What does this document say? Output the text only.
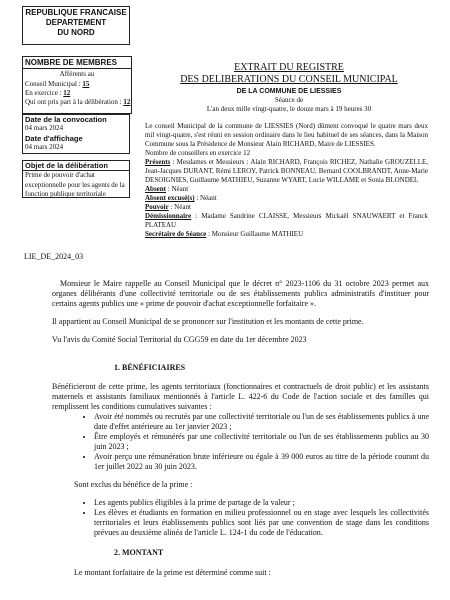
REPUBLIQUE FRANCAISE
DEPARTEMENT
DU NORD
NOMBRE DE MEMBRES
Afférents au
Conseil Municipal : 15
En exercice : 12
Qui ont pris part à la délibération : 12
Date de la convocation
04 mars 2024
Date d'affichage
04 mars 2024
Objet de la délibération
Prime de pouvoir d'achat exceptionnelle pour les agents de la fonction publique territoriale
LIE_DE_2024_03
EXTRAIT DU REGISTRE
DES DELIBERATIONS DU CONSEIL MUNICIPAL
DE LA COMMUNE DE LIESSIES
Séance de
L'an deux mille vingt-quatre, le douze mars à 19 heures 30
Le conseil Municipal de la commune de LIESSIES (Nord) dûment convoqué le quatre mars deux mil vingt-quatre, s'est réuni en session ordinaire dans le lieu habituel de ses séances, dans la Maison Commune sous la Présidence de Monsieur Alain RICHARD, Maire de LIESSIES.
Nombre de conseillers en exercice 12
Présents : Mesdames et Messieurs : Alain RICHARD, François RICHEZ, Nathalie GROUZELLE, Jean-Jacques DURANT, Rémi LEROY, Patrick BONNEAU, Bernard COOLBRANDT, Anne-Marie DESOIGNIES, Guillaume MATHIEU, Suzanne WYART, Lucie WILLAME et Sonia BLONDEL
Absent : Néant
Absent excusé(s) : Néant
Pouvoir : Néant
Démissionnaire : Madame Sandrine CLAISSE, Messieurs Mickaël SNAUWAERT et Franck PLATEAU
Secrétaire de Séance : Monsieur Guillaume MATHIEU
Monsieur le Maire rappelle au Conseil Municipal que le décret n° 2023-1106 du 31 octobre 2023 permet aux organes délibérants d'une collectivité territoriale ou de ses établissements publics administratifs d'instituer pour certains agents publics une « prime de pouvoir d'achat exceptionnelle forfaitaire ».
Il appartient au Conseil Municipal de se prononcer sur l'institution et les montants de cette prime.
Vu l'avis du Comité Social Territorial du CGG59 en date du 1er décembre 2023
1. BÉNÉFICIAIRES
Bénéficieront de cette prime, les agents territoriaux (fonctionnaires et contractuels de droit public) et les assistants maternels et assistants familiaux mentionnés à l'article L. 422-6 du Code de l'action sociale et des familles qui remplissent les conditions cumulatives suivantes :
• Avoir été nommés ou recrutés par une collectivité territoriale ou l'un de ses établissements publics à une date d'effet antérieure au 1er janvier 2023 ;
• Être employés et rémunérés par une collectivité territoriale ou l'un de ses établissements publics au 30 juin 2023 ;
• Avoir perçu une rémunération brute inférieure ou égale à 39 000 euros au titre de la période courant du 1er juillet 2022 au 30 juin 2023.
Sont exclus du bénéfice de la prime :
• Les agents publics éligibles à la prime de partage de la valeur ;
• Les élèves et étudiants en formation en milieu professionnel ou en stage avec lesquels les collectivités territoriales et leurs établissements publics sont liés par une convention de stage dans les conditions prévues au deuxième alinéa de l'article L. 124-1 du code de l'éducation.
2. MONTANT
Le montant forfaitaire de la prime est déterminé comme suit :
